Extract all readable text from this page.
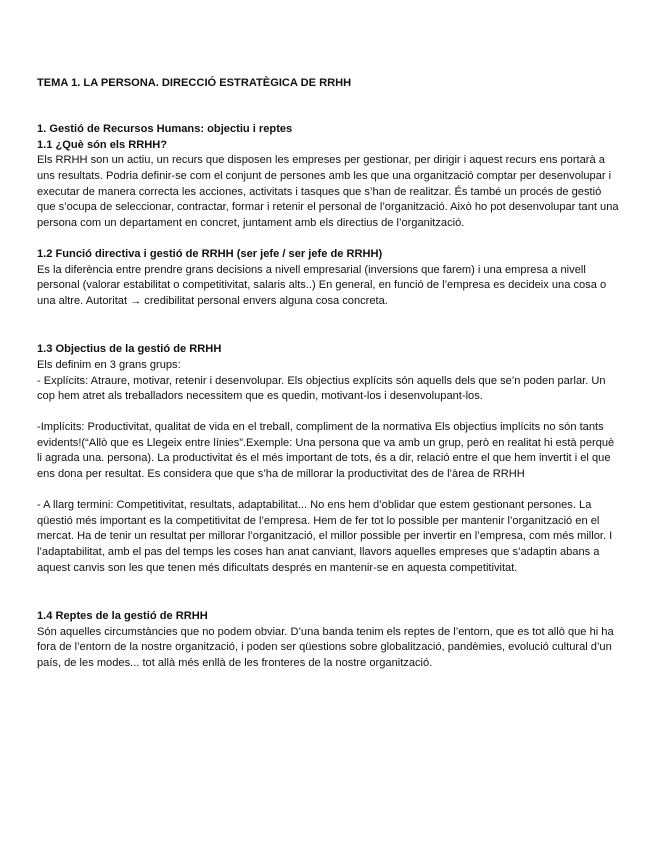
TEMA 1. LA PERSONA. DIRECCIÓ ESTRATÈGICA DE RRHH

1. Gestió de Recursos Humans: objectiu i reptes

1.1 ¿Què són els RRHH?

Els RRHH son un actiu, un recurs que disposen les empreses per gestionar, per dirigir i aquest recurs ens portarà a uns resultats. Podria definir-se com el conjunt de persones amb les que una organització comptar per desenvolupar i executar de manera correcta les acciones, activitats i tasques que s’han de realitzar. És també un procés de gestió que s’ocupa de seleccionar, contractar, formar i retenir el personal de l’organització. Això ho pot desenvolupar tant una persona com un departament en concret, juntament amb els directius de l’organització.

1.2 Funció directiva i gestió de RRHH (ser jefe / ser jefe de RRHH)

Es la diferència entre prendre grans decisions a nivell empresarial (inversions que farem) i una empresa a nivell personal (valorar estabilitat o competitivitat, salaris alts..) En general, en funció de l’empresa es decideix una cosa o una altre. Autoritat → credibilitat personal envers alguna cosa concreta.

1.3 Objectius de la gestió de RRHH

Els definim en 3 grans grups:

- Explícits: Atraure, motivar, retenir i desenvolupar. Els objectius explícits són aquells dels que se’n poden parlar. Un cop hem atret als treballadors necessitem que es quedin, motivant-los i desenvolupant-los.

-Implícits: Productivitat, qualitat de vida en el treball, compliment de la normativa Els objectius implícits no són tants evidents!(“Allò que es Llegeix entre línies”.Exemple: Una persona que va amb un grup, però en realitat hi està perquè li agrada una. persona). La productivitat és el més important de tots, és a dir, relació entre el que hem invertit i el que ens dona per resultat. Es considera que que s’ha de millorar la productivitat des de l’àrea de RRHH

- A llarg termini: Competitivitat, resultats, adaptabilitat... No ens hem d’oblidar que estem gestionant persones. La qüestió més important es la competitivitat de l’empresa. Hem de fer tot lo possible per mantenir l’organització en el mercat. Ha de tenir un resultat per millorar l’organització, el millor possible per invertir en l’empresa, com més millor. I l’adaptabilitat, amb el pas del temps les coses han anat canviant, llavors aquelles empreses que s’adaptin abans a aquest canvis son les que tenen més dificultats després en mantenir-se en aquesta competitivitat.

1.4 Reptes de la gestió de RRHH

Són aquelles circumstàncies que no podem obviar. D’una banda tenim els reptes de l’entorn, que es tot allò que hi ha fora de l’entorn de la nostre organització, i poden ser qüestions sobre globalització, pandèmies, evolució cultural d’un país, de les modes... tot allà més enllà de les fronteres de la nostre organització.
